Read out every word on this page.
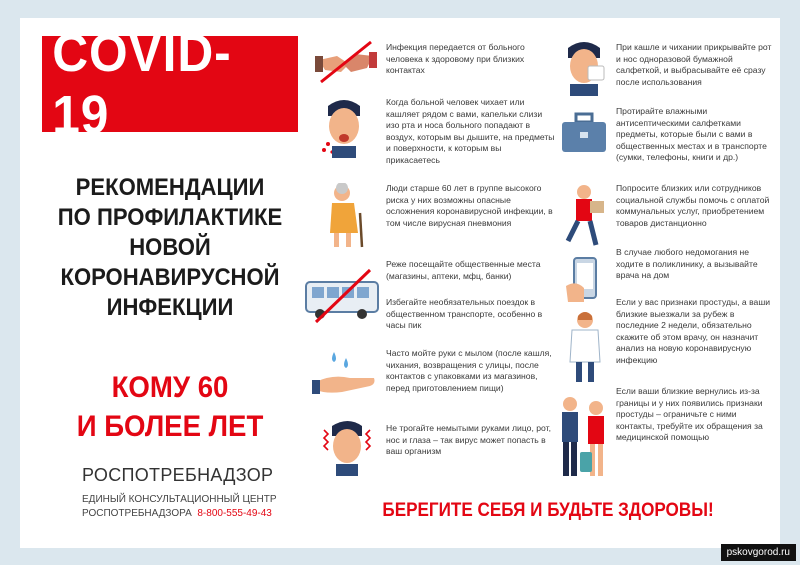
COVID-19
РЕКОМЕНДАЦИИ
ПО ПРОФИЛАКТИКЕ
НОВОЙ
КОРОНАВИРУСНОЙ
ИНФЕКЦИИ
КОМУ 60
И БОЛЕЕ ЛЕТ
РОСПОТРЕБНАДЗОР
ЕДИНЫЙ КОНСУЛЬТАЦИОННЫЙ ЦЕНТР
РОСПОТРЕБНАДЗОРА 8-800-555-49-43
Инфекция передается от больного человека к здоровому при близких контактах
Когда больной человек чихает или кашляет рядом с вами, капельки слизи изо рта и носа больного попадают в воздух, которым вы дышите, на предметы и поверхности, к которым вы прикасаетесь
Люди старше 60 лет в группе высокого риска у них возможны опасные осложнения коронавирусной инфекции, в том числе вирусная пневмония
Реже посещайте общественные места (магазины, аптеки, мфц, банки)
Избегайте необязательных поездок в общественном транспорте, особенно в часы пик
Часто мойте руки с мылом (после кашля, чихания, возвращения с улицы, после контактов с упаковками из магазинов, перед приготовлением пищи)
Не трогайте немытыми руками лицо, рот, нос и глаза – так вирус может попасть в ваш организм
При кашле и чихании прикрывайте рот и нос одноразовой бумажной салфеткой, и выбрасывайте её сразу после использования
Протирайте влажными антисептическими салфетками предметы, которые были с вами в общественных местах и в транспорте (сумки, телефоны, книги и др.)
Попросите близких или сотрудников социальной службы помочь с оплатой коммунальных услуг, приобретением товаров дистанционно
В случае любого недомогания не ходите в поликлинику, а вызывайте врача на дом
Если у вас признаки простуды, а ваши близкие выезжали за рубеж в последние 2 недели, обязательно скажите об этом врачу, он назначит анализ на новую коронавирусную инфекцию
Если ваши близкие вернулись из-за границы и у них появились признаки простуды – ограничьте с ними контакты, требуйте их обращения за медицинской помощью
БЕРЕГИТЕ СЕБЯ И БУДЬТЕ ЗДОРОВЫ!
pskovgorod.ru
